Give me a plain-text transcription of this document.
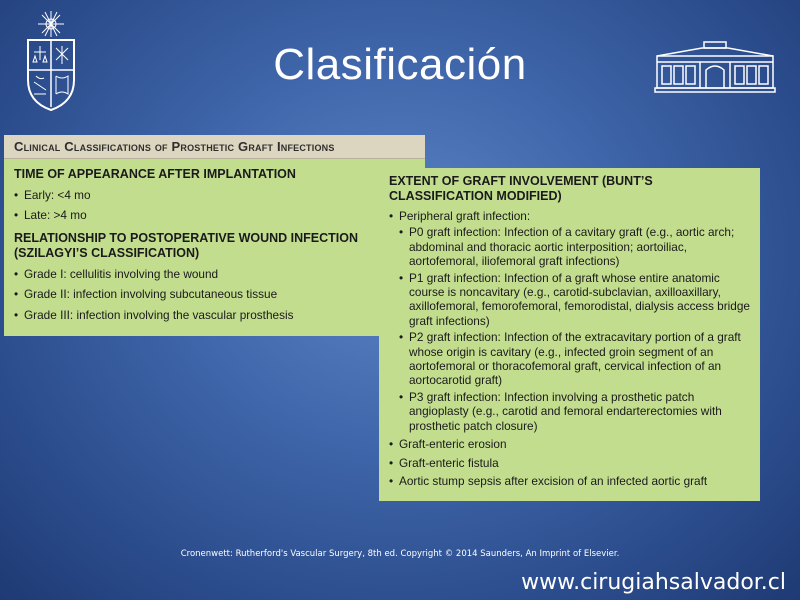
Clasificación
Clinical Classifications of Prosthetic Graft Infections
TIME OF APPEARANCE AFTER IMPLANTATION
• Early: <4 mo
• Late: >4 mo
RELATIONSHIP TO POSTOPERATIVE WOUND INFECTION
(SZILAGYI’S CLASSIFICATION)
• Grade I: cellulitis involving the wound
• Grade II: infection involving subcutaneous tissue
• Grade III: infection involving the vascular prosthesis
EXTENT OF GRAFT INVOLVEMENT (BUNT’S
CLASSIFICATION MODIFIED)
• Peripheral graft infection:
• P0 graft infection: Infection of a cavitary graft (e.g., aortic arch;
abdominal and thoracic aortic interposition; aortoiliac,
aortofemoral, iliofemoral graft infections)
• P1 graft infection: Infection of a graft whose entire anatomic
course is noncavitary (e.g., carotid-subclavian, axilloaxillary,
axillofemoral, femorofemoral, femorodistal, dialysis access bridge
graft infections)
• P2 graft infection: Infection of the extracavitary portion of a graft
whose origin is cavitary (e.g., infected groin segment of an
aortofemoral or thoracofemoral graft, cervical infection of an
aortocarotid graft)
• P3 graft infection: Infection involving a prosthetic patch
angioplasty (e.g., carotid and femoral endarterectomies with
prosthetic patch closure)
• Graft-enteric erosion
• Graft-enteric fistula
• Aortic stump sepsis after excision of an infected aortic graft
Cronenwett: Rutherford's Vascular Surgery, 8th ed. Copyright © 2014 Saunders, An Imprint of Elsevier.
www.cirugiahsalvador.cl
